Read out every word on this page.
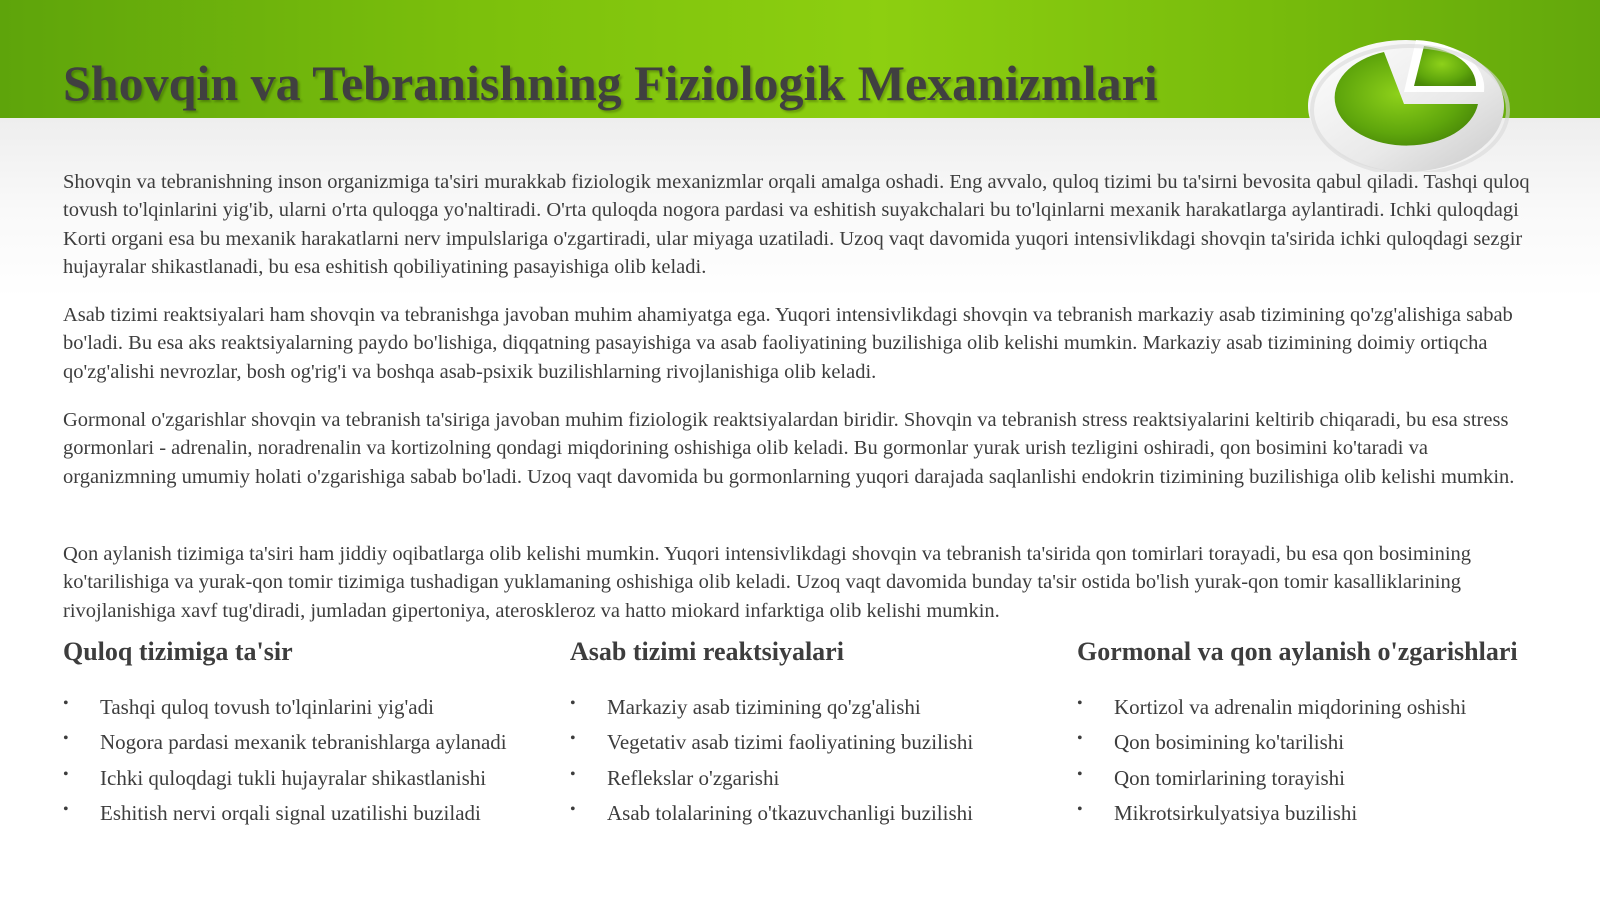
Shovqin va Tebranishning Fiziologik Mexanizmlari

Shovqin va tebranishning inson organizmiga ta'siri murakkab fiziologik mexanizmlar orqali amalga oshadi. Eng avvalo, quloq tizimi bu ta'sirni bevosita qabul qiladi. Tashqi quloq tovush to'lqinlarini yig'ib, ularni o'rta quloqga yo'naltiradi. O'rta quloqda nogora pardasi va eshitish suyakchalari bu to'lqinlarni mexanik harakatlarga aylantiradi. Ichki quloqdagi Korti organi esa bu mexanik harakatlarni nerv impulslariga o'zgartiradi, ular miyaga uzatiladi. Uzoq vaqt davomida yuqori intensivlikdagi shovqin ta'sirida ichki quloqdagi sezgir hujayralar shikastlanadi, bu esa eshitish qobiliyatining pasayishiga olib keladi.

Asab tizimi reaktsiyalari ham shovqin va tebranishga javoban muhim ahamiyatga ega. Yuqori intensivlikdagi shovqin va tebranish markaziy asab tizimining qo'zg'alishiga sabab bo'ladi. Bu esa aks reaktsiyalarning paydo bo'lishiga, diqqatning pasayishiga va asab faoliyatining buzilishiga olib kelishi mumkin. Markaziy asab tizimining doimiy ortiqcha qo'zg'alishi nevrozlar, bosh og'rig'i va boshqa asab-psixik buzilishlarning rivojlanishiga olib keladi.

Gormonal o'zgarishlar shovqin va tebranish ta'siriga javoban muhim fiziologik reaktsiyalardan biridir. Shovqin va tebranish stress reaktsiyalarini keltirib chiqaradi, bu esa stress gormonlari - adrenalin, noradrenalin va kortizolning qondagi miqdorining oshishiga olib keladi. Bu gormonlar yurak urish tezligini oshiradi, qon bosimini ko'taradi va organizmning umumiy holati o'zgarishiga sabab bo'ladi. Uzoq vaqt davomida bu gormonlarning yuqori darajada saqlanlishi endokrin tizimining buzilishiga olib kelishi mumkin.

Qon aylanish tizimiga ta'siri ham jiddiy oqibatlarga olib kelishi mumkin. Yuqori intensivlikdagi shovqin va tebranish ta'sirida qon tomirlari torayadi, bu esa qon bosimining ko'tarilishiga va yurak-qon tomir tizimiga tushadigan yuklamaning oshishiga olib keladi. Uzoq vaqt davomida bunday ta'sir ostida bo'lish yurak-qon tomir kasalliklarining rivojlanishiga xavf tug'diradi, jumladan gipertoniya, ateroskleroz va hatto miokard infarktiga olib kelishi mumkin.

Quloq tizimiga ta'sir
• Tashqi quloq tovush to'lqinlarini yig'adi
• Nogora pardasi mexanik tebranishlarga aylanadi
• Ichki quloqdagi tukli hujayralar shikastlanishi
• Eshitish nervi orqali signal uzatilishi buziladi
Asab tizimi reaktsiyalari
• Markaziy asab tizimining qo'zg'alishi
• Vegetativ asab tizimi faoliyatining buzilishi
• Reflekslar o'zgarishi
• Asab tolalarining o'tkazuvchanligi buzilishi
Gormonal va qon aylanish o'zgarishlari
• Kortizol va adrenalin miqdorining oshishi
• Qon bosimining ko'tarilishi
• Qon tomirlarining torayishi
• Mikrotsirkulyatsiya buzilishi
